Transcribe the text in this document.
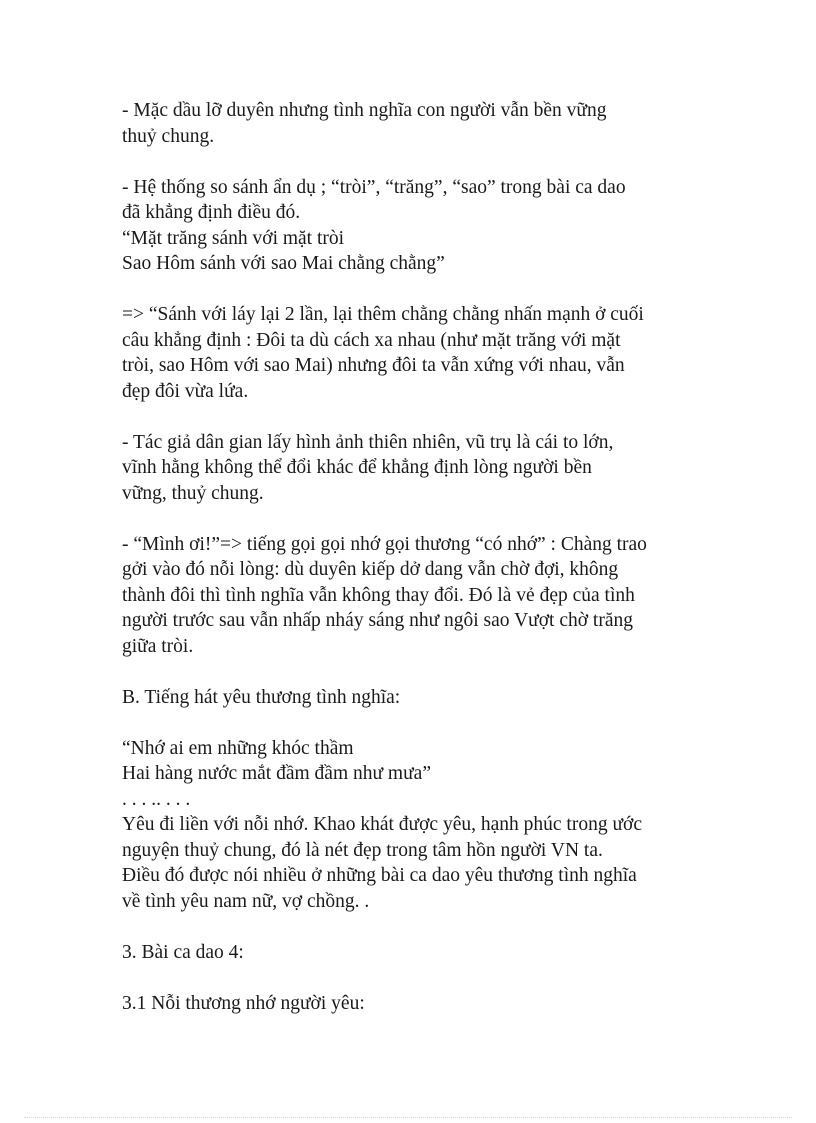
- Mặc dầu lỡ duyên nhưng tình nghĩa con người vẫn bền vững
thuỷ chung.

- Hệ thống so sánh ẩn dụ ; “tròi”, “trăng”, “sao” trong bài ca dao
đã khẳng định điều đó.
“Mặt trăng sánh với mặt tròi
Sao Hôm sánh với sao Mai chằng chằng”

=> “Sánh với láy lại 2 lần, lại thêm chằng chằng nhấn mạnh ở cuối
câu khẳng định : Đôi ta dù cách xa nhau (như mặt trăng với mặt
tròi, sao Hôm với sao Mai) nhưng đôi ta vẫn xứng với nhau, vẫn
đẹp đôi vừa lứa.

- Tác giả dân gian lấy hình ảnh thiên nhiên, vũ trụ là cái to lớn,
vĩnh hằng không thể đổi khác để khẳng định lòng người bền
vững, thuỷ chung.

- “Mình ơi!”=> tiếng gọi gọi nhớ gọi thương “có nhớ” : Chàng trao
gởi vào đó nỗi lòng: dù duyên kiếp dở dang vẫn chờ đợi, không
thành đôi thì tình nghĩa vẫn không thay đổi. Đó là vẻ đẹp của tình
người trước sau vẫn nhấp nháy sáng như ngôi sao Vượt chờ trăng
giữa tròi.

B. Tiếng hát yêu thương tình nghĩa:

“Nhớ ai em những khóc thầm
Hai hàng nước mắt đầm đầm như mưa”
. . . .. . . .
Yêu đi liền với nỗi nhớ. Khao khát được yêu, hạnh phúc trong ước
nguyện thuỷ chung, đó là nét đẹp trong tâm hồn người VN ta.
Điều đó được nói nhiều ở những bài ca dao yêu thương tình nghĩa
về tình yêu nam nữ, vợ chồng. .

3. Bài ca dao 4:

3.1 Nỗi thương nhớ người yêu:
